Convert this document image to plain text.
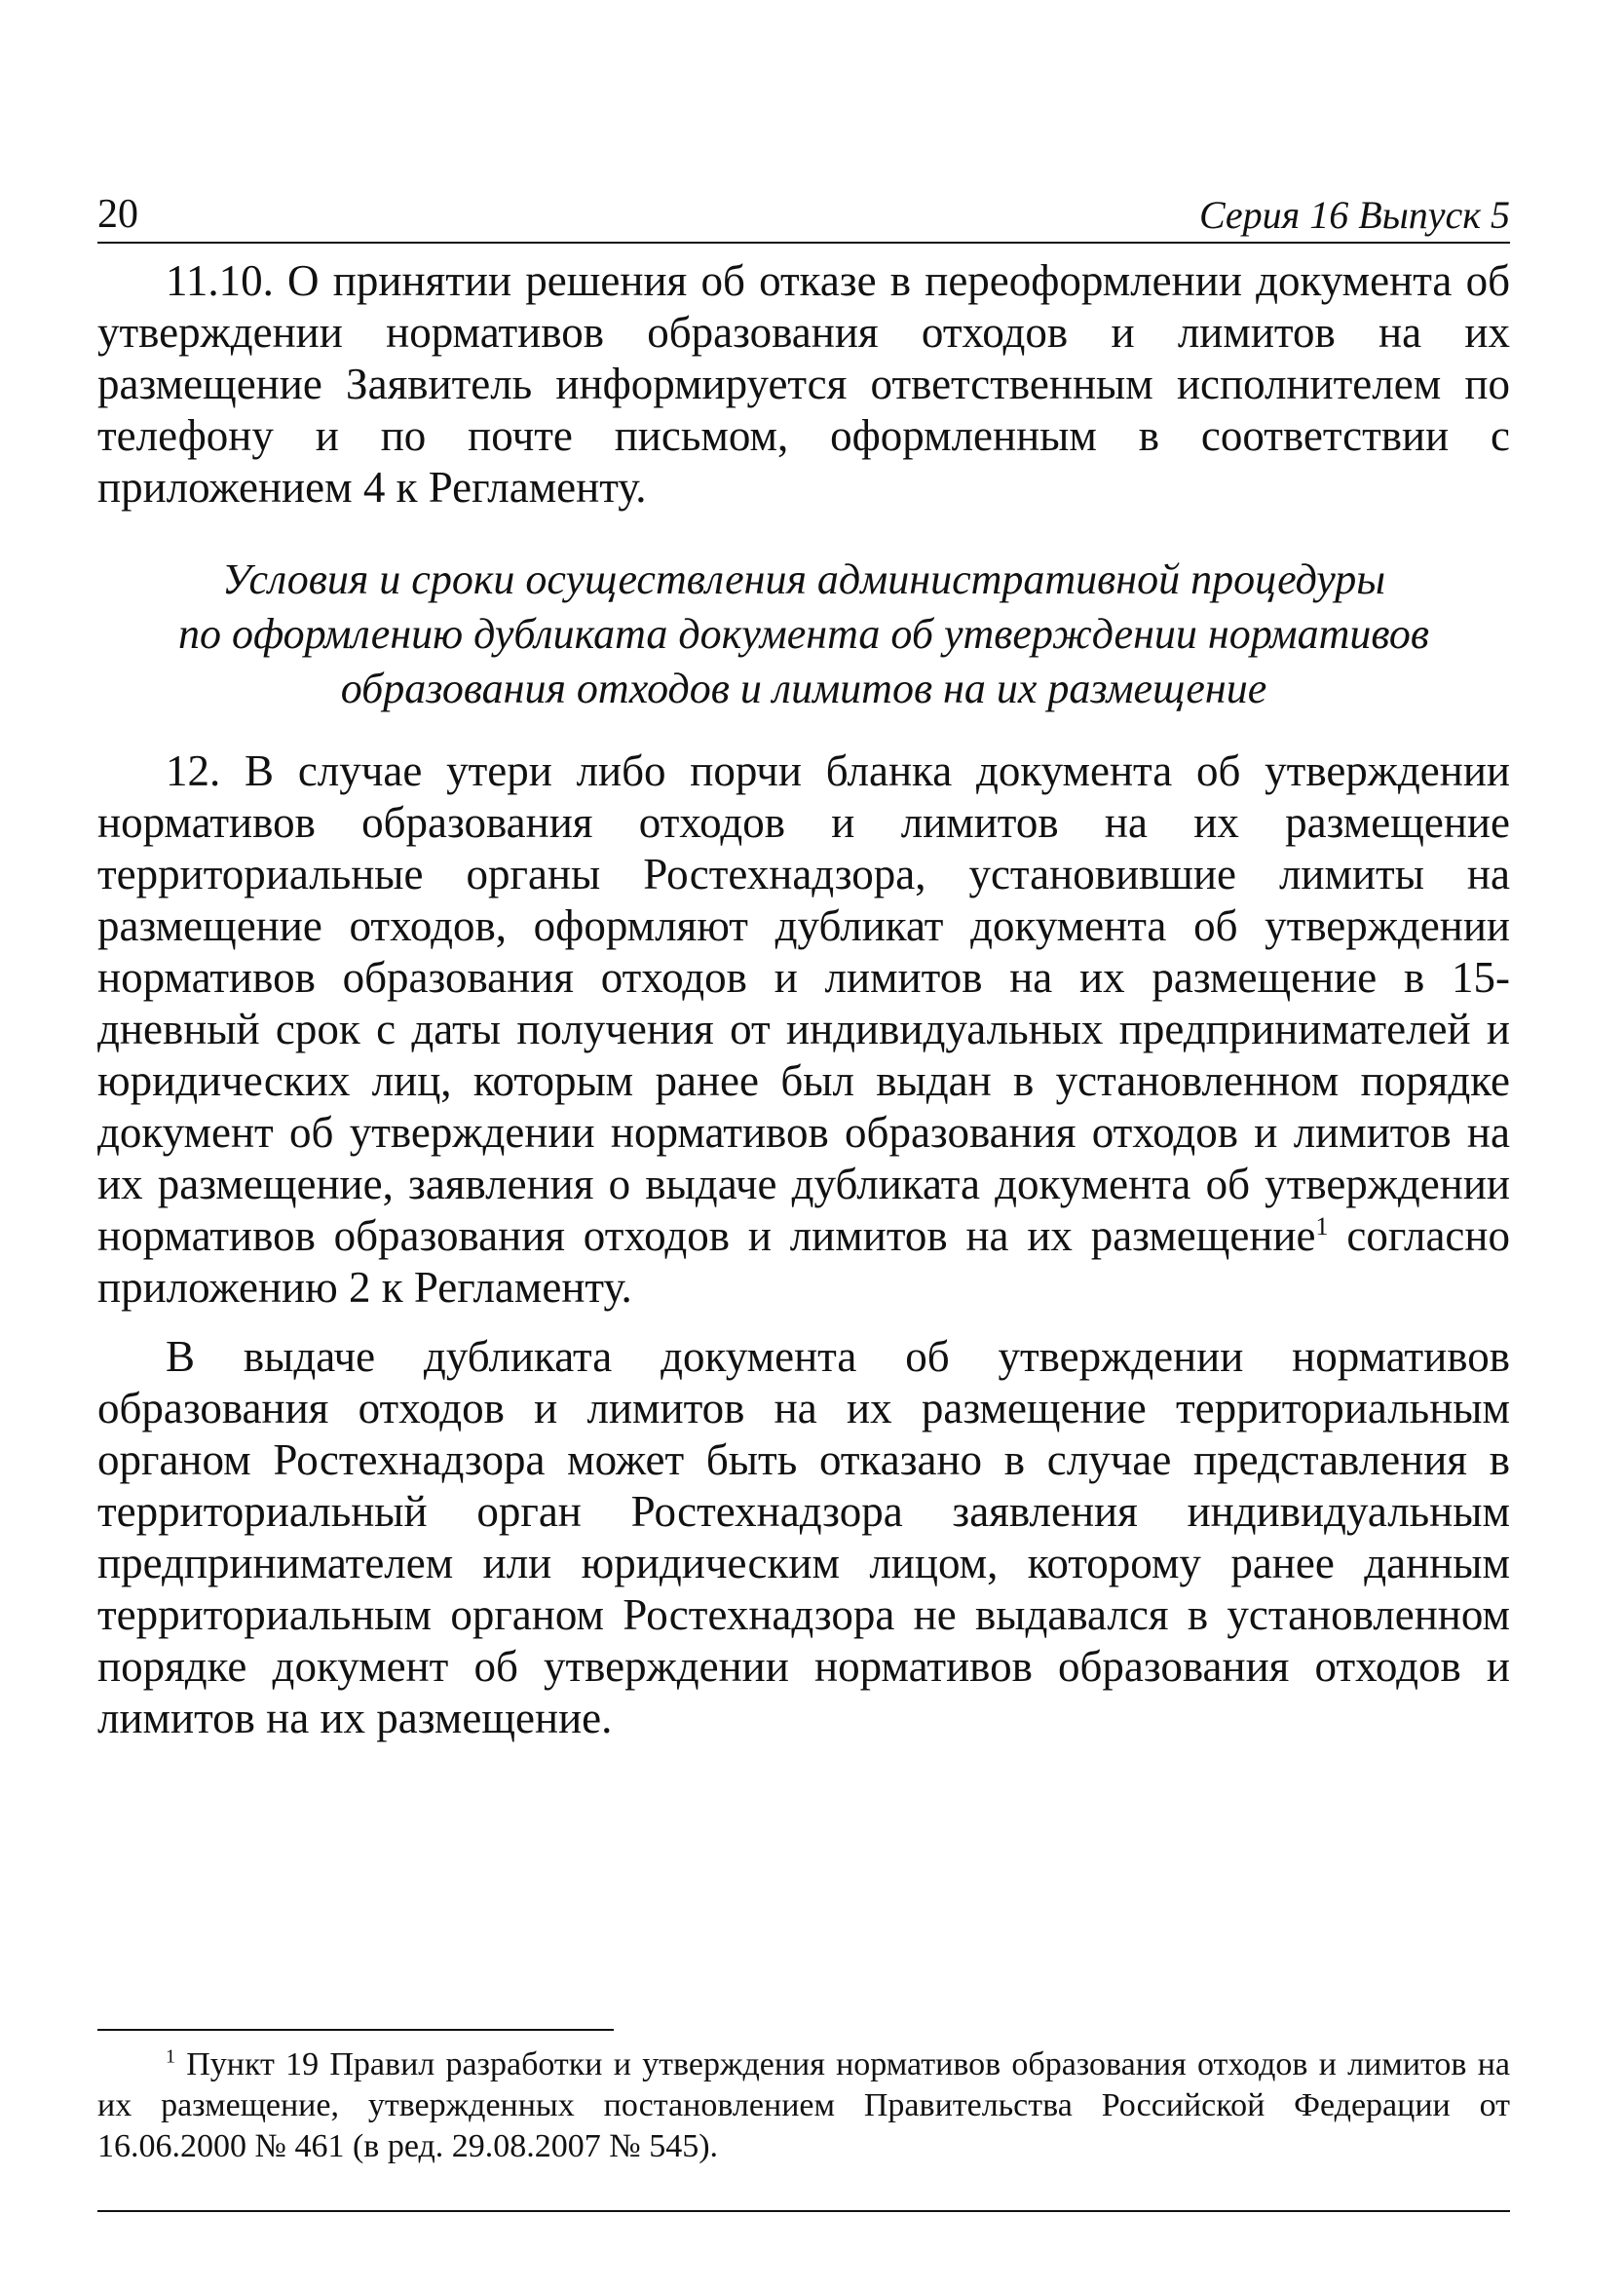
20	Серия 16 Выпуск 5

11.10. О принятии решения об отказе в переоформлении документа об утверждении нормативов образования отходов и лимитов на их размещение Заявитель информируется ответственным исполнителем по телефону и по почте письмом, оформленным в соответствии с приложением 4 к Регламенту.

Условия и сроки осуществления административной процедуры
по оформлению дубликата документа об утверждении нормативов
образования отходов и лимитов на их размещение

12. В случае утери либо порчи бланка документа об утверждении нормативов образования отходов и лимитов на их размещение территориальные органы Ростехнадзора, установившие лимиты на размещение отходов, оформляют дубликат документа об утверждении нормативов образования отходов и лимитов на их размещение в 15-дневный срок с даты получения от индивидуальных предпринимателей и юридических лиц, которым ранее был выдан в установленном порядке документ об утверждении нормативов образования отходов и лимитов на их размещение, заявления о выдаче дубликата документа об утверждении нормативов образования отходов и лимитов на их размещение$^1$ согласно приложению 2 к Регламенту.

В выдаче дубликата документа об утверждении нормативов образования отходов и лимитов на их размещение территориальным органом Ростехнадзора может быть отказано в случае представления в территориальный орган Ростехнадзора заявления индивидуальным предпринимателем или юридическим лицом, которому ранее данным территориальным органом Ростехнадзора не выдавался в установленном порядке документ об утверждении нормативов образования отходов и лимитов на их размещение.

$^1$ Пункт 19 Правил разработки и утверждения нормативов образования отходов и лимитов на их размещение, утвержденных постановлением Правительства Российской Федерации от 16.06.2000 № 461 (в ред. 29.08.2007 № 545).
